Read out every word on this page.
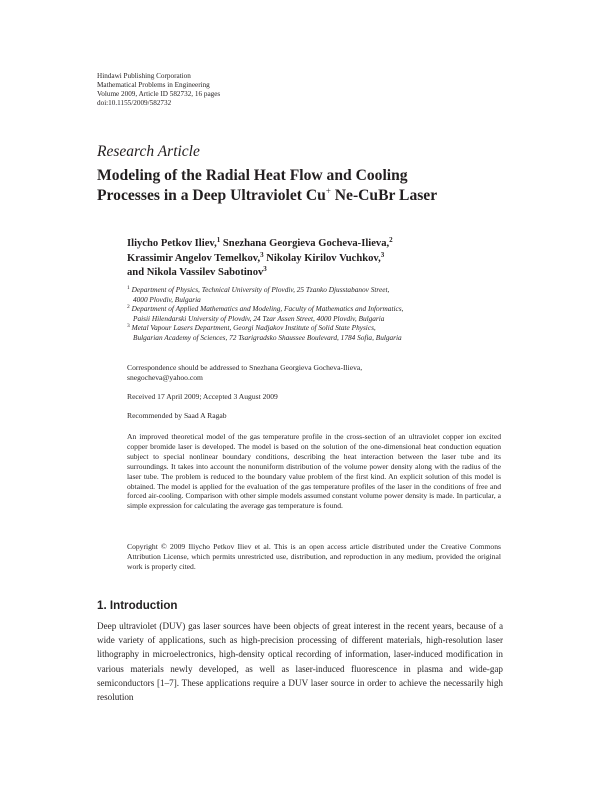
Hindawi Publishing Corporation
Mathematical Problems in Engineering
Volume 2009, Article ID 582732, 16 pages
doi:10.1155/2009/582732
Research Article
Modeling of the Radial Heat Flow and Cooling
Processes in a Deep Ultraviolet Cu+ Ne-CuBr Laser
Iliycho Petkov Iliev,$^1$ Snezhana Georgieva Gocheva-Ilieva,$^2$
Krassimir Angelov Temelkov,$^3$ Nikolay Kirilov Vuchkov,$^3$
and Nikola Vassilev Sabotinov$^3$
$^1$ Department of Physics, Technical University of Plovdiv, 25 Tzanko Djusstabanov Street,
4000 Plovdiv, Bulgaria
$^2$ Department of Applied Mathematics and Modeling, Faculty of Mathematics and Informatics,
Paisii Hilendarski University of Plovdiv, 24 Tzar Assen Street, 4000 Plovdiv, Bulgaria
$^3$ Metal Vapour Lasers Department, Georgi Nadjakov Institute of Solid State Physics,
Bulgarian Academy of Sciences, 72 Tsarigradsko Shaussee Boulevard, 1784 Sofia, Bulgaria
Correspondence should be addressed to Snezhana Georgieva Gocheva-Ilieva,
snegocheva@yahoo.com
Received 17 April 2009; Accepted 3 August 2009
Recommended by Saad A Ragab
An improved theoretical model of the gas temperature profile in the cross-section of an ultraviolet copper ion excited copper bromide laser is developed. The model is based on the solution of the one-dimensional heat conduction equation subject to special nonlinear boundary conditions, describing the heat interaction between the laser tube and its surroundings. It takes into account the nonuniform distribution of the volume power density along with the radius of the laser tube. The problem is reduced to the boundary value problem of the first kind. An explicit solution of this model is obtained. The model is applied for the evaluation of the gas temperature profiles of the laser in the conditions of free and forced air-cooling. Comparison with other simple models assumed constant volume power density is made. In particular, a simple expression for calculating the average gas temperature is found.
Copyright © 2009 Iliycho Petkov Iliev et al. This is an open access article distributed under the Creative Commons Attribution License, which permits unrestricted use, distribution, and reproduction in any medium, provided the original work is properly cited.
1. Introduction
Deep ultraviolet (DUV) gas laser sources have been objects of great interest in the recent years, because of a wide variety of applications, such as high-precision processing of different materials, high-resolution laser lithography in microelectronics, high-density optical recording of information, laser-induced modification in various materials newly developed, as well as laser-induced fluorescence in plasma and wide-gap semiconductors [1–7]. These applications require a DUV laser source in order to achieve the necessarily high resolution
